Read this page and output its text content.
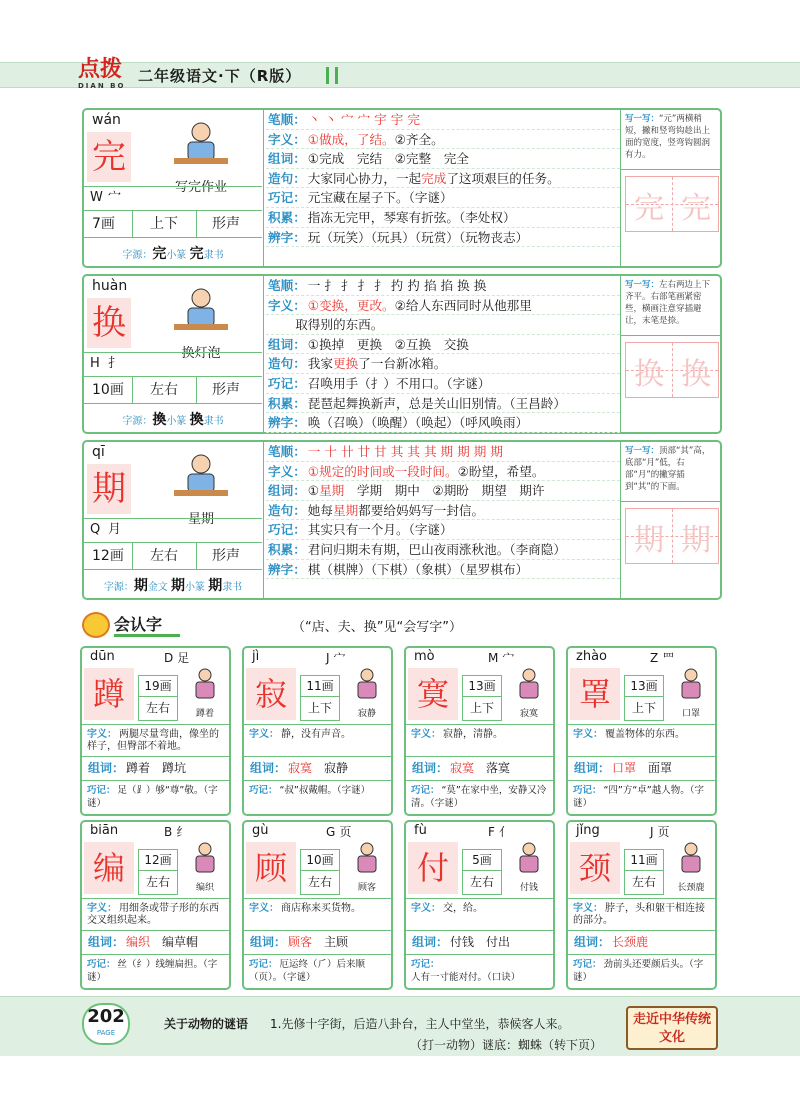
点拨
DIAN BO
二年级语文·下（R版）
wán
完
写完作业
W 宀
7画	上下 形声
字源：完小篆 完隶书
笔顺： 丶 丶 宀 宀 宇 宇 完
字义： ①做成，了结。②齐全。
组词： ①完成　完结　②完整　完全
造句： 大家同心协力，一起完成了这项艰巨的任务。
巧记： 元宝藏在屋子下。（字谜）
积累： 指冻无完甲，琴寒有折弦。（李处权）
辨字： 玩（玩笑）（玩具）（玩赏）（玩物丧志）
写一写：“元”两横稍短，撇和竖弯钩趁出上面的宽度，竖弯钩圆润有力。
完 完
huàn
换
换灯泡
H 扌
10画 左右 形声
字源：換小篆 換隶书
笔顺： 一 扌 扌 扌 扌 扚 扚 掐 掐 换 换
字义： ①变换，更改。②给人东西同时从他那里
　　取得别的东西。
组词： ①换掉　更换　②互换　交换
造句： 我家更换了一台新冰箱。
巧记： 召唤用手（扌）不用口。（字谜）
积累： 琵琶起舞换新声，总是关山旧别情。（王昌龄）
辨字： 唤（召唤）（唤醒）（唤起）（呼风唤雨）
写一写：左右两边上下齐平。右部笔画紧密些，横画注意穿插避让，末笔是捺。
换 换
qī
期
星期
Q 月
12画 左右 形声
字源：期金文 期小篆 期隶书
笔顺： 一 十 卄 廿 甘 其 其 其 期 期 期 期
字义： ①规定的时间或一段时间。②盼望，希望。
组词： ①星期　学期　期中　②期盼　期望　期许
造句： 她每星期都要给妈妈写一封信。
巧记： 其实只有一个月。（字谜）
积累： 君问归期未有期，巴山夜雨涨秋池。（李商隐）
辨字： 棋（棋牌）（下棋）（象棋）（星罗棋布）
写一写：顶部“其”高，底部“月”低，右部“月”的撇穿插到“其”的下面。
期 期
会认字	（“店、夫、换”见“会写字”）
dūn
蹲
D 足
19画
左右	蹲着
字义： 两腿尽量弯曲，像坐的样子，但臀部不着地。
组词： 蹲着　 蹲坑　
巧记： 足（⻊）够“尊”敬。（字谜）
jì
寂
J 宀
11画
上下	寂静
字义： 静，没有声音。
组词： 寂寞　 寂静　
巧记： “叔”叔戴帽。（字谜）
mò
寞
M 宀
13画
上下	寂寞
字义： 寂静，清静。
组词： 寂寞　 落寞　
巧记： “莫”在家中坐，安静又冷清。（字谜）
zhào
罩
Z 罒
13画
上下	口罩
字义： 覆盖物体的东西。
组词： 口罩　 面罩　
巧记： “四”方“卓”越人物。（字谜）
biān
编
B 纟
12画
左右	编织
字义： 用细条或带子形的东西交叉组织起来。
组词： 编织　 编草帽　
巧记： 丝（纟）线缠扁担。（字谜）
gù
顾
G 页
10画
左右	顾客
字义： 商店称来买货物。
组词： 顾客　 主顾　
巧记： 厄运终（⺁）后来顺（页）。（字谜）
fù
付
F 亻
5画
左右	付钱
字义： 交，给。
组词： 付钱　 付出　
巧记：人有一寸能对付。（口诀）
jǐng
颈
J 页
11画
左右	长颈鹿
字义： 脖子，头和躯干相连接的部分。
组词： 长颈鹿　
巧记： 劲前头还要颜后头。（字谜）
202
PAGE
关于动物的谜语 1.先修十字街，后造八卦台，主人中堂坐，恭候客人来。
（打一动物）谜底：蜘蛛（转下页）
走近中华传统文化
